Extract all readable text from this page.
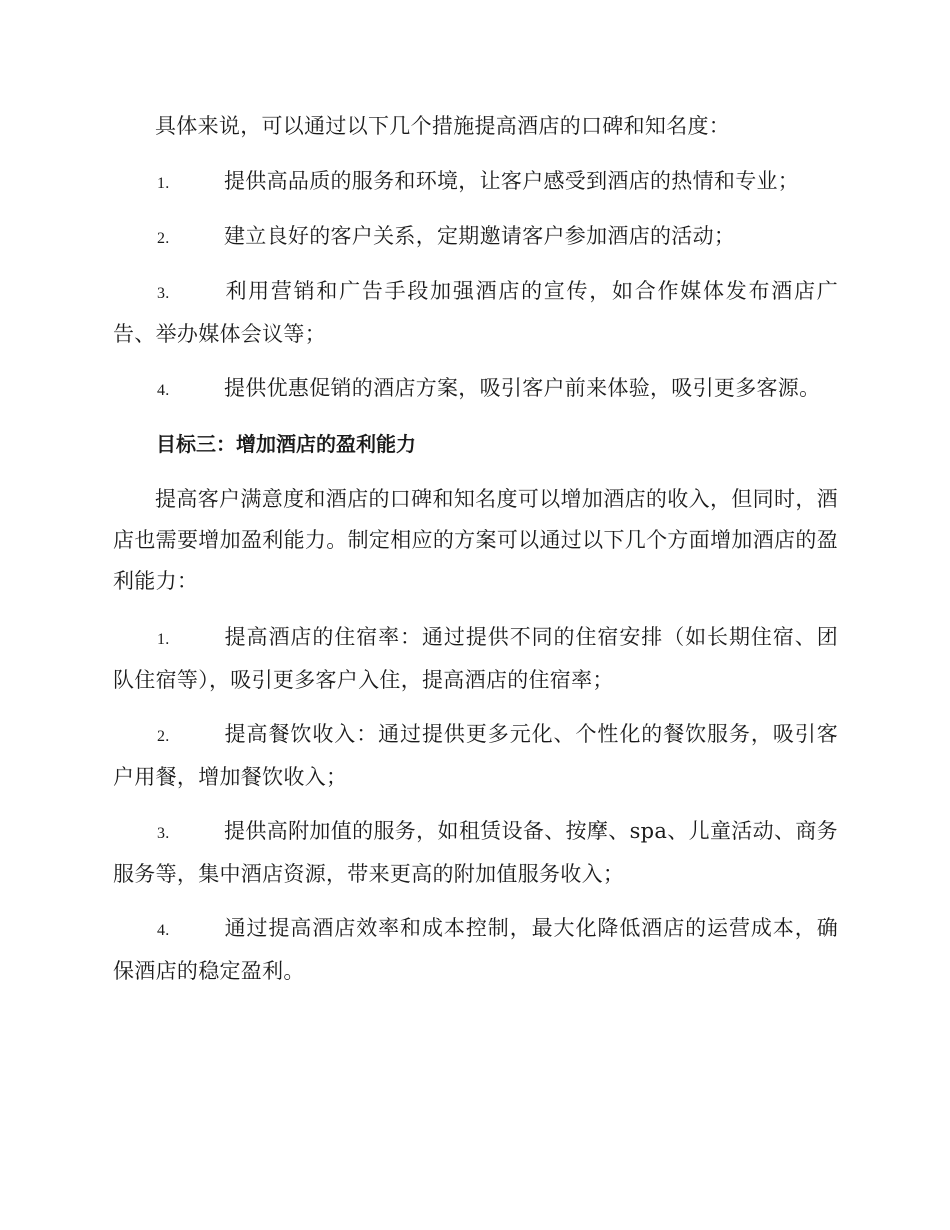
具体来说，可以通过以下几个措施提高酒店的口碑和知名度：

1.	提供高品质的服务和环境，让客户感受到酒店的热情和专业；

2.	建立良好的客户关系，定期邀请客户参加酒店的活动；

3.	利用营销和广告手段加强酒店的宣传，如合作媒体发布酒店广告、举办媒体会议等；

4.	提供优惠促销的酒店方案，吸引客户前来体验，吸引更多客源。

目标三：增加酒店的盈利能力

提高客户满意度和酒店的口碑和知名度可以增加酒店的收入，但同时，酒店也需要增加盈利能力。制定相应的方案可以通过以下几个方面增加酒店的盈利能力：

1.	提高酒店的住宿率：通过提供不同的住宿安排（如长期住宿、团队住宿等），吸引更多客户入住，提高酒店的住宿率；

2.	提高餐饮收入：通过提供更多元化、个性化的餐饮服务，吸引客户用餐，增加餐饮收入；

3.	提供高附加值的服务，如租赁设备、按摩、spa、儿童活动、商务服务等，集中酒店资源，带来更高的附加值服务收入；

4.	通过提高酒店效率和成本控制，最大化降低酒店的运营成本，确保酒店的稳定盈利。
